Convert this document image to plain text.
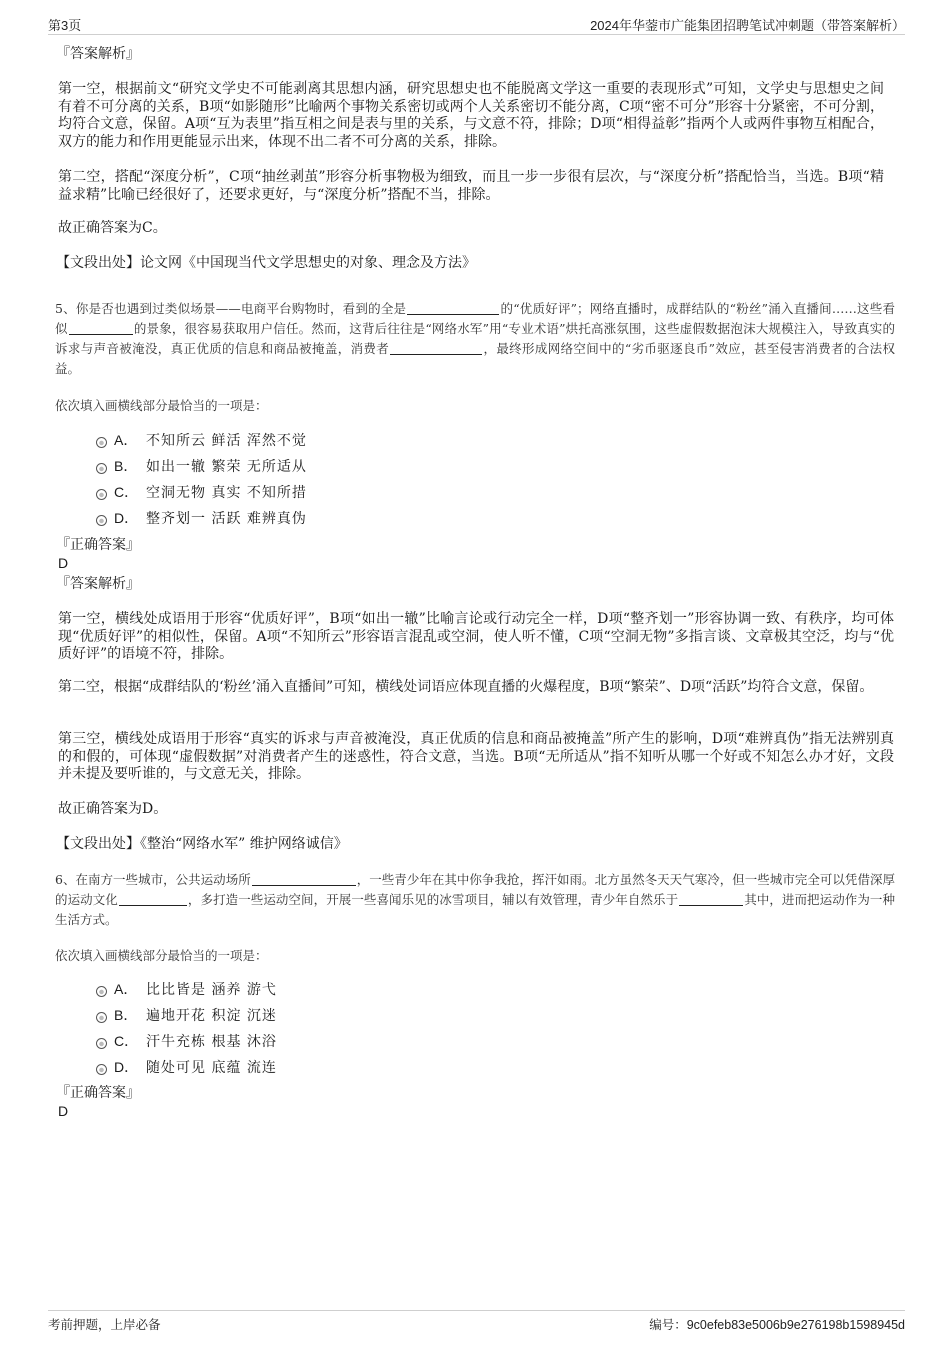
第3页	2024年华蓥市广能集团招聘笔试冲刺题（带答案解析）
『答案解析』

第一空，根据前文“研究文学史不可能剥离其思想内涵，研究思想史也不能脱离文学这一重要的表现形式”可知，文学史与思想史之间有着不可分离的关系，B项“如影随形”比喻两个事物关系密切或两个人关系密切不能分离，C项“密不可分”形容十分紧密，不可分割，均符合文意，保留。A项“互为表里”指互相之间是表与里的关系，与文意不符，排除；D项“相得益彰”指两个人或两件事物互相配合，双方的能力和作用更能显示出来，体现不出二者不可分离的关系，排除。

第二空，搭配“深度分析”，C项“抽丝剥茧”形容分析事物极为细致，而且一步一步很有层次，与“深度分析”搭配恰当，当选。B项“精益求精”比喻已经很好了，还要求更好，与“深度分析”搭配不当，排除。

故正确答案为C。

【文段出处】论文网《中国现当代文学思想史的对象、理念及方法》

5、你是否也遇到过类似场景——电商平台购物时，看到的全是	的“优质好评”；网络直播时，成群结队的“粉丝”涌入直播间……这些看似	的景象，很容易获取用户信任。然而，这背后往往是“网络水军”用“专业术语”烘托高涨氛围，这些虚假数据泡沫大规模注入，导致真实的诉求与声音被淹没，真正优质的信息和商品被掩盖，消费者	，最终形成网络空间中的“劣币驱逐良币”效应，甚至侵害消费者的合法权益。

依次填入画横线部分最恰当的一项是：
A． 不知所云 鲜活 浑然不觉
B． 如出一辙 繁荣 无所适从
C． 空洞无物 真实 不知所措
D． 整齐划一 活跃 难辨真伪
『正确答案』
D
『答案解析』

第一空，横线处成语用于形容“优质好评”，B项“如出一辙”比喻言论或行动完全一样，D项“整齐划一”形容协调一致、有秩序，均可体现“优质好评”的相似性，保留。A项“不知所云”形容语言混乱或空洞，使人听不懂，C项“空洞无物”多指言谈、文章极其空泛，均与“优质好评”的语境不符，排除。

第二空，根据“成群结队的‘粉丝’涌入直播间”可知，横线处词语应体现直播的火爆程度，B项“繁荣”、D项“活跃”均符合文意，保留。

第三空，横线处成语用于形容“真实的诉求与声音被淹没，真正优质的信息和商品被掩盖”所产生的影响，D项“难辨真伪”指无法辨别真的和假的，可体现“虚假数据”对消费者产生的迷惑性，符合文意，当选。B项“无所适从”指不知听从哪一个好或不知怎么办才好，文段并未提及要听谁的，与文意无关，排除。

故正确答案为D。

【文段出处】《整治“网络水军” 维护网络诚信》

6、在南方一些城市，公共运动场所	，一些青少年在其中你争我抢，挥汗如雨。北方虽然冬天天气寒冷，但一些城市完全可以凭借深厚的运动文化	，多打造一些运动空间，开展一些喜闻乐见的冰雪项目，辅以有效管理，青少年自然乐于	其中，进而把运动作为一种生活方式。

依次填入画横线部分最恰当的一项是：
A． 比比皆是 涵养 游弋
B． 遍地开花 积淀 沉迷
C． 汗牛充栋 根基 沐浴
D． 随处可见 底蕴 流连
『正确答案』
D
考前押题，上岸必备	编号：9c0efeb83e5006b9e276198b1598945d
